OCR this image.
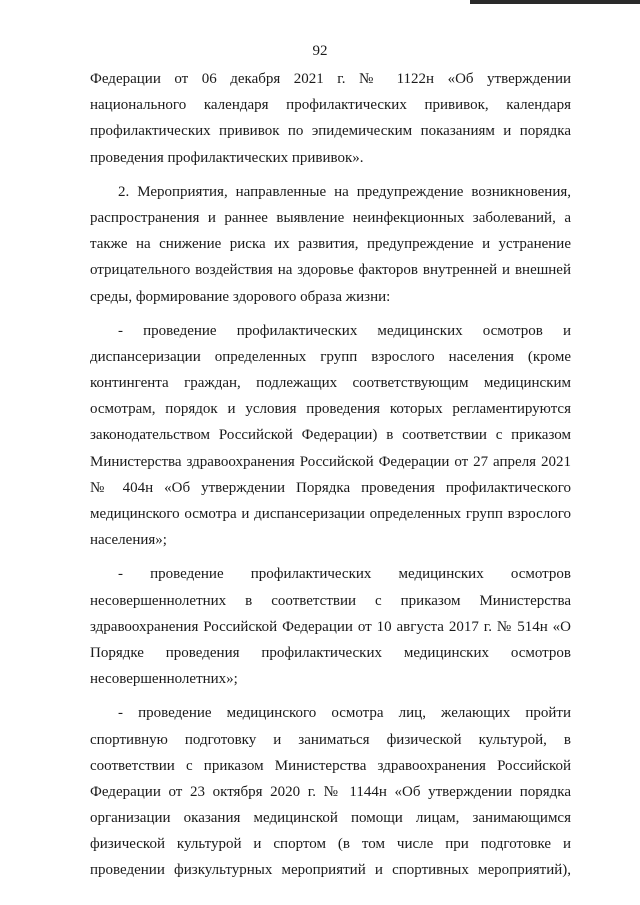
92
Федерации от 06 декабря 2021 г. № 1122н «Об утверждении
национального календаря профилактических прививок, календаря
профилактических прививок по эпидемическим показаниям и порядка
проведения профилактических прививок».
2. Мероприятия, направленные на предупреждение возникновения,
распространения и раннее выявление неинфекционных заболеваний, а
также на снижение риска их развития, предупреждение и устранение
отрицательного воздействия на здоровье факторов внутренней и внешней
среды, формирование здорового образа жизни:
- проведение профилактических медицинских осмотров и
диспансеризации определенных групп взрослого населения (кроме
контингента граждан, подлежащих соответствующим медицинским
осмотрам, порядок и условия проведения которых регламентируются
законодательством Российской Федерации) в соответствии с приказом
Министерства здравоохранения Российской Федерации от 27 апреля 2021
№ 404н «Об утверждении Порядка проведения профилактического
медицинского осмотра и диспансеризации определенных групп взрослого
населения»;
- проведение профилактических медицинских осмотров
несовершеннолетних в соответствии с приказом Министерства
здравоохранения Российской Федерации от 10 августа 2017 г. № 514н «О
Порядке проведения профилактических медицинских осмотров
несовершеннолетних»;
- проведение медицинского осмотра лиц, желающих пройти
спортивную подготовку и заниматься физической культурой, в
соответствии с приказом Министерства здравоохранения Российской
Федерации от 23 октября 2020 г. № 1144н «Об утверждении порядка
организации оказания медицинской помощи лицам, занимающимся
физической культурой и спортом (в том числе при подготовке и
проведении физкультурных мероприятий и спортивных мероприятий),
